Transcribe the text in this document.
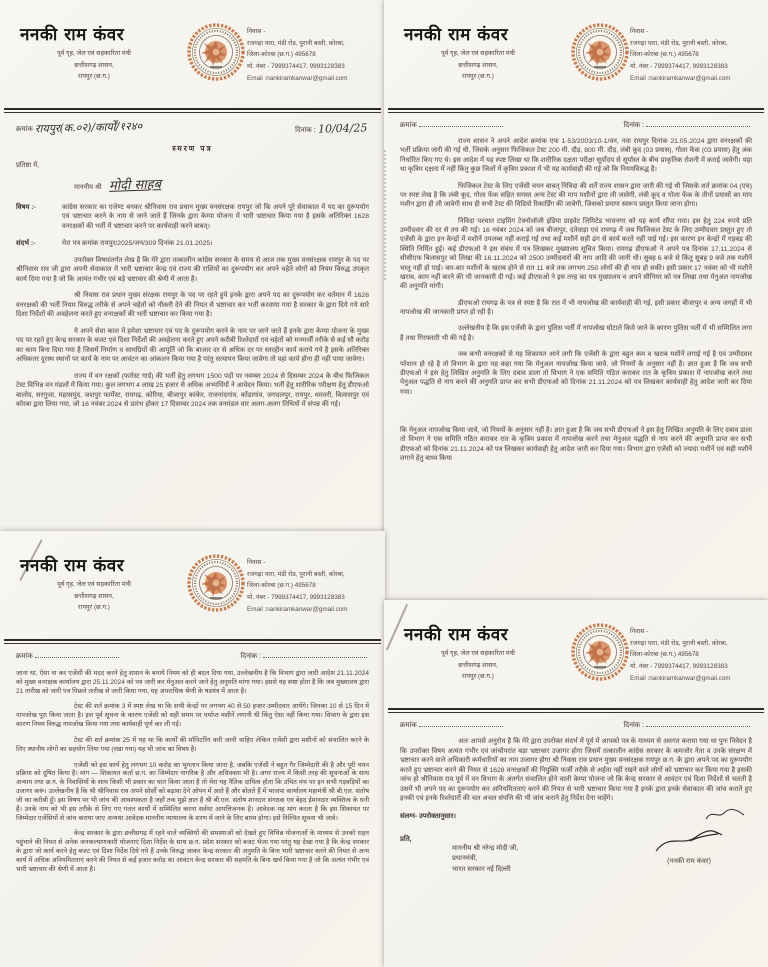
ननकी राम कंवर
पूर्व गृह, जेल एवं सहकारिता मंत्री
छत्तीसगढ़ शासन,
रायपुर (छ.ग.)
निवास -
रजगढ़ा पारा, मंडी रोड, पुरानी बस्ती, कोरबा,
जिला-कोरबा (छ.ग.) 495678
मो. नंबर - 7999374417, 9993128383
Email :nankiramkanwar@gmail.com
क्रमांक रायपुर(क.०२)/कार्यों/१२४०	दिनांक : 10/04/25
स्मरण पत्र
प्रतिष्ठा में,
माननीय श्री मोदी साहब
विषय :-	कांग्रेस सरकार का एजेण्ट बनकर श्रीनिवास राव प्रधान मुख्य वनसंरक्षक रायपुर जो कि अपने पूरे सेवाकाल में पद का दुरूपयोग एवं भ्रष्टाचार करने के नाम से जाने जाते हैं जिनके द्वारा केम्पा योजना में भारी भ्रष्टाचार किया गया है इसके अतिरिक्त 1628 वनरक्षकों की भर्ती में भ्रष्टाचार करने पर कार्यवाही करने बाबत्।
संदर्भ :-	मेरा पत्र क्रमांक रायपुर/2025/जन/309 दिनांक 21.01.2025।

उपरोक्त विषयांतर्गत लेख है कि मेरे द्वारा तत्कालीन कांग्रेस सरकार के समय से आज तक मुख्य वनसंरक्षक रायपुर के पद पर श्रीनिवास राव जी द्वारा अपनी सेवाकाल में भारी भ्रष्टाचार केन्द्र एवं राज्य की राशियों का दुरूपयोग कर अपने चहेते लोगों को नियम विरुद्ध उपकृत कार्य दिया गया है जो कि अत्यंत गंभीर एवं बड़े भ्रष्टाचार की श्रेणी में आता है।

श्री निवास राव प्रधान मुख्य संरक्षक रायपुर के पद पर रहते हुये इनके द्वारा अपने पद का दुरूपयोग कर वर्तमान में 1628 वनरक्षकों की भर्ती नियम विरुद्ध तरीके से अपने चहेतों को नौकरी देने की नियत से भ्रष्टाचार कर भर्ती करवाया गया है सरकार के द्वारा दिये गये सारे दिशा निर्देशों की अवहेलना करते हुए वनरक्षकों की भर्ती भ्रष्टाचार कर किया गया है।

ये अपने सेवा काल में हमेशा भ्रष्टाचार एवं पद के दुरूपयोग करने के नाम पर जाने जाते हैं इनके द्वारा केम्पा योजना के मुख्य पद पर रहते हुए केन्द्र सरकार के बजट एवं दिशा निर्देशों की अवहेलना करते हुए अपने करीबी रिश्तेदारों एवं चहेतों को मनमर्जी तरीके से कई सौ करोड़ का काम बिना दिया गया है जिसमें निर्माण व सामग्रियों की आपूर्ति जो कि बाजार दर से अधिक दर पर स्तरहीन कार्य कराये गये है इसके अतिरिक्त अधिकतर दुरस्थ स्थानों पर कार्य के नाम पर आवंटन का आंकलन किया गया है परंतु सत्यापन किया जावेगा तो वहां कार्य होना ही नहीं पाया जावेगा।

राज्य में वन रक्षकों (फारेस्ट गार्ड) की भर्ती हेतु लगभग 1500 पदों पर नवम्बर 2024 से दिसम्बर 2024 के बीच फिजिकल टेस्ट विभिन्न वन मंडलों में किया गया। कुल लगभग 4 लाख 25 हजार से अधिक अभ्यर्थियों ने आवेदन किया। भर्ती हेतु शारीरिक परीक्षण हेतु डीएफओ बालोद, सरगुजा, महासमुंद, जशपुर फार्मेस्ट, रायगढ़, कोरिया, बीजापुर कांकेर, राजनांदगांव, कोंडागांव, जगदलपुर, रायपुर, धमतरी, बिलासपुर एवं कोरबा द्वारा लिया गया, जो 16 नवंबर 2024 से प्रारंभ होकर 17 दिसम्बर 2024 तक वनमंडल वार अलग-अलग तिथियों में संपन्न की गई।

ननकी राम कंवर
पूर्व गृह, जेल एवं सहकारिता मंत्री
छत्तीसगढ़ शासन,
रायपुर (छ.ग.)
निवास -
रजगढ़ा पारा, मंडी रोड, पुरानी बस्ती, कोरबा,
जिला-कोरबा (छ.ग.) 495678
मो. नंबर - 7999374417, 9993128383
Email :nankiramkanwar@gmail.com
क्रमांक	दिनांक :

राज्य शासन ने अपने आदेश क्रमांक एफ 1-53/2003/10-1/वन, नवा रायपुर दिनांक 21.05.2024 द्वारा वनरक्षकों की भर्ती प्रक्रिया जारी की गई थी, जिसके अनुसार फिजिकल टेस्ट 200 मी. दौड़, 800 मी. दौड़, लंबी कूद (03 प्रयास), गोला फेंक (03 प्रयास) हेतु अंक निर्धारित किए गए थे। इस आदेश में यह स्पष्ट लिखा था कि शारीरिक दक्षता परीक्षा सूर्योदय से सूर्यास्त के बीच प्राकृतिक रोशनी में कराई जावेगी। यहा था कृत्रिम दक्षता में नहीं किंतु कुछ जिलों में कृत्रिम प्रकाश में भी यह कार्यवाही की गई जो कि नियमविरुद्ध है।

फिजिकल टेस्ट के लिए एजेंसी चयन बाबत् निविदा की शर्तें राज्य शासन द्वारा जारी की गई थी जिसके शर्त क्रमांक 04 (एच) पर स्पष्ट लेख है कि लंबी कूद, गोला फेंक सहित समस्त अन्य टेस्ट की माप मशीनों द्वारा ली जावेगी, लंबी कूद व गोला फेंक के तीनों प्रयासों का माप मशीन द्वारा ही ली जावेगी साथ ही सभी टेस्ट की विडियो रिकार्डिंग की जावेगी, जिसको प्रमाण स्वरूप प्रस्तुत किया जाना होगा।

निविदा पश्चात टाइमिंग टेक्नोलॉजी इंडिया प्राइवेट लिमिटेड भावनगर को यह कार्य सौंपा गया। इस हेतु 224 रुपये प्रति उम्मीदवार की दर से तय की गई। 16 नवंबर 2024 को जब बीजापुर, दंतेवाड़ा एवं रायगढ़ में जब फिजिकल टेस्ट के लिए उम्मीदवार प्रस्तुत हुए तो एजेंसी के द्वारा इन केन्द्रों में मशीनें उपलब्ध नहीं कराई गई तथा कई मशीनें सही ढंग से कार्य करते नहीं पाई गई। इस कारण इन केन्द्रों में गड़बड़ की स्थिति निर्मित हुई। कई डीएफओ ने इस संबंध में पत्र लिखकर मुख्यालय सूचित किया। रायगढ़ डीएफओ ने अपने पत्र दिनांक 17.11.2024 से सीसीएफ बिलासपुर को लिखा की 16.11.2024 को 2500 उम्मीदवारों की नाप आदि की जानी थी। सुबह 6 बजे से किंतु सुबह 9 बजे तक मशीनें चालू नहीं हो पाई। बार-बार मशीनों के खराब होने से रात 11 बजे तक लगभग 250 लोगों की ही नाप हो सकी। इसी प्रकार 17 नवंबर को भी मशीनें खराब, काम नहीं करने की भी जानकारी दी गई। कई डीएफओ ने इस तरह का पत्र मुख्यालय व अपने सीनियर को पत्र लिखा तथा मेनुअल नापजोख की अनुमति मांगी।

डीएफओ रायगढ़ के पत्र से स्पष्ट है कि रात में भी नापजोख की कार्यवाही की गई, इसी प्रकार बीजापुर व अन्य जगहों में भी नापजोख की जानकारी प्राप्त हो रही है।

उल्लेखनीय है कि इस एजेंसी के द्वारा पुलिस भर्ती में नापजोख घोटाले किये जाने के कारण पुलिस भर्ती में भी सम्मिलित लगा है तथा गिरफ्तारी भी की गई है।

जब कभी वनरक्षकों से यह शिकायत आने लगी कि एजेंसी के द्वारा बहुत कम व खराब मशीनें लगाई गई है एवं उम्मीदवार परेशान हो रहे है तो विभाग के द्वारा यह कहा गया कि मेनुअल नापजोख किया जावे, जो नियमों के अनुसार नहीं है। ज्ञात हुआ है कि जब सभी डीएफओ ने इस हेतु लिखित अनुमति के लिए दबाव डाला तो विभाग ने एक समिति गठित कराकर रात के कृत्रिम प्रकाश में नापजोख करने तथा मेनुअल पद्धति से नाप करने की अनुमति प्राप्त कर सभी डीएफओ को दिनांक 21.11.2024 को पत्र लिखकर कार्यवाही हेतु आदेश जारी कर दिया गया।

कि मेनुअल नापजोख किया जावे, जो नियमों के अनुसार नहीं है। ज्ञात हुआ है कि जब सभी डीएफओ ने इस हेतु लिखित अनुमति के लिए दबाव डाला तो विभाग ने एक समिति गठित कराकर रात के कृत्रिम प्रकाश में नापजोख करने तथा मेनुअल पद्धति से नाप करने की अनुमति प्राप्त कर सभी डीएफओ को दिनांक 21.11.2024 को पत्र लिखकर कार्यवाही हेतु आदेश जारी कर दिया गया। विभाग द्वारा एजेंसी को ज्यादा मशीनें एवं सही मशीनें लगाने हेतु बाध्य किया

ननकी राम कंवर
पूर्व गृह, जेल एवं सहकारिता मंत्री
छत्तीसगढ़ शासन,
रायपुर (छ.ग.)
निवास -
रजगढ़ा पारा, मंडी रोड, पुरानी बस्ती, कोरबा,
जिला-कोरबा (छ.ग.) 495678
मो. नंबर - 7999374417, 9993128383
Email :nankiramkanwar@gmail.com
क्रमांक	दिनांक :

जाना था, ऐसा ना कर एजेंसी की मदद करने हेतु शासन के बनाये नियम को ही बदल दिया गया, उल्लेखनीय है कि विभाग द्वारा जारी आदेश 21.11.2024 को मुख्य वनरक्षक कार्यालय द्वारा 25.11.2024 को पत्र जारी कर मेनुअल करने जाने हेतु अनुमति मांगा गया। इससे यह स्पष्ट होता है कि जब मुख्यालय द्वारा 21 तारीख को जारी पत्र पिछले तारीख से जारी किया गया, यह अपराधिक श्रेणी के षडयंत्र में आता है।

टेस्ट की शर्त क्रमांक 3 में स्पष्ट लेख था कि सभी केन्द्रों पर लगभग 40 से 50 हजार उम्मीदवार आयेंगे। जिनका 10 से 15 दिन में नापजोख पूरा किया जाता है। इस पूर्व सूचना के कारण एजेंसी को सही समय पर पर्याप्त मशीनें लगानी थी किंतु ऐसा नहीं किया गया। विभाग के द्वारा इस कारण नियम विरुद्ध नापजोख किया गया तथा कार्यवाही पूर्ण कर ली गई।

टेस्ट की शर्त क्रमांक 25 में यह था कि कार्यों की मॉनिटरिंग करी जानी चाहिए लेकिन एजेंसी द्वारा मशीनों को संचालित करने के लिए स्थानीय लोगों का सहयोग लिया गया (रखा गया) यह भी जांच का विषय है।

एजेंसी को इस कार्य हेतु लगभग 10 करोड़ का भुगतान किया जाना है, जबकि एजेंसी ने बहुत गैर जिम्मेदारी की है और पूरी चयन प्रक्रिया को दूषित किया है। मांग — शिकायत कर्ता छ.ग. का जिम्मेदार नागरिक है और अधिवक्ता भी है। अगर राज्य में किसी तरह की सूचनाओं के साथ अन्याय तथा छ.ग. के निवासियों के साथ किसी भी प्रकार का घात किया जाता है तो मेरा यह नैतिक दायित्व होता कि उचित मंच पर इन सभी गड़बड़ियों का उजागर करूं। उल्लेखनीय है कि श्री श्रीनिवास राव अपने सोर्सों को बढ़ावा देने ओपन में आते हैं और बोलते हैं में भाजपा कार्यालय महामंत्री श्री बी.एल. संतोष जी का करीबी हूँ। इस विषय पर भी जांच की आवश्यकता है जहाँ तक मुझे ज्ञात है श्री बी.एल. संतोष शानदार संगठक एवं बेहद ईमानदार व्यक्तित्व के धनी हैं। उनके नाम को भी इस तरीके से लिए गए गलत कार्यों में सम्मिलित करना सर्वथा आपत्तिजनक है। आवेदक यह मांग करता है कि इस शिकायत पर जिम्मेदार एजेंसियों से जांच कराया जाए अन्यथा आवेदक माननीय न्यायालय के शरण में जाने के लिए बाध्य होगा। इसे निश्चित सूचना भी जावे।

केन्द्र सरकार के द्वारा छत्तीसगढ़ में रहने वाले व्यक्तियों की समस्याओं को देखते हुए विभिन्न योजनाओं के माध्यम से उनको राहत पहुंचाने की नियत से अनेक जनकल्याणकारी योजनाएं दिशा निर्देश के साथ छ.ग. प्रदेश सरकार को बजट भेजा गया परंतु यह देखा गया है कि केन्द्र सरकार के द्वारा जो कार्य करने हेतु बजट एवं दिशा निर्देश दिये गये हैं उनके विरुद्ध जाकर केन्द्र सरकार की अनुमति के बिना भारी भ्रष्टाचार करने की नियत से अन्य कार्य में अधिक अनियमितताएं करने की नियत से कई हजार करोड़ का आवंटन केन्द्र सरकार की सहमति के बिना खर्च किया गया है जो कि अत्यंत गंभीर एवं भारी भ्रष्टाचार की श्रेणी में आता है।

ननकी राम कंवर
पूर्व गृह, जेल एवं सहकारिता मंत्री
छत्तीसगढ़ शासन,
रायपुर (छ.ग.)
निवास -
रजगढ़ा पारा, मंडी रोड, पुरानी बस्ती, कोरबा,
जिला-कोरबा (छ.ग.) 495678
मो. नंबर - 7999374417, 9993128383
Email :nankiramkanwar@gmail.com
क्रमांक	दिनांक :

अतः आपसे अनुरोध है कि मेरे द्वारा उपरोक्त संदर्भ में पूर्व में आपको पत्र के माध्यम से अवगत कराया गया था पुनः निवेदन है कि उपरोक्त विषय अत्यंत गंभीर एवं जांचोपरांत बड़ा भ्रष्टाचार उजागर होगा जिसमें तत्कालीन कांग्रेस सरकार के कमजोर नेता व उनके संरक्षण में भ्रष्टाचार करने वाले अधिकारी कर्मचारियों का नाम उजागर होगा श्री निवास राव प्रधान मुख्य वनसंरक्षक रायपुर छ.ग. के द्वारा अपने पद का दुरूपयोग करते हुए भ्रष्टाचार करने की नियत से 1628 वनरक्षकों की नियुक्ति फर्जी तरीके से अर्हता नहीं रखने वाले लोगों को भ्रष्टाचार कर किया गया है इसकी जांच हो श्रीनिवास राव पूर्व में वन विभाग के अंतर्गत संचालित होने वाली केम्पा योजना जो कि केन्द्र सरकार से आवंटन एवं दिशा निर्देशों से चलती है उसमें भी अपने पद का दुरूपयोग कर अनियमितताएं करने की नियत से भारी भ्रष्टाचार किया गया है इनके द्वारा इनके सेवाकाल की जांच कराते हुए इनकी एवं इनके रिश्तेदारों की चल अचल संपत्ति की भी जांच कराने हेतु निर्देश देना चाहेंगे।

संलग्न- उपरोक्तानुसार।
प्रति,
माननीय श्री नरेन्द्र मोदी जी,
प्रधानमंत्री,
भारत सरकार नई दिल्ली
(ननकी राम कंवर)
